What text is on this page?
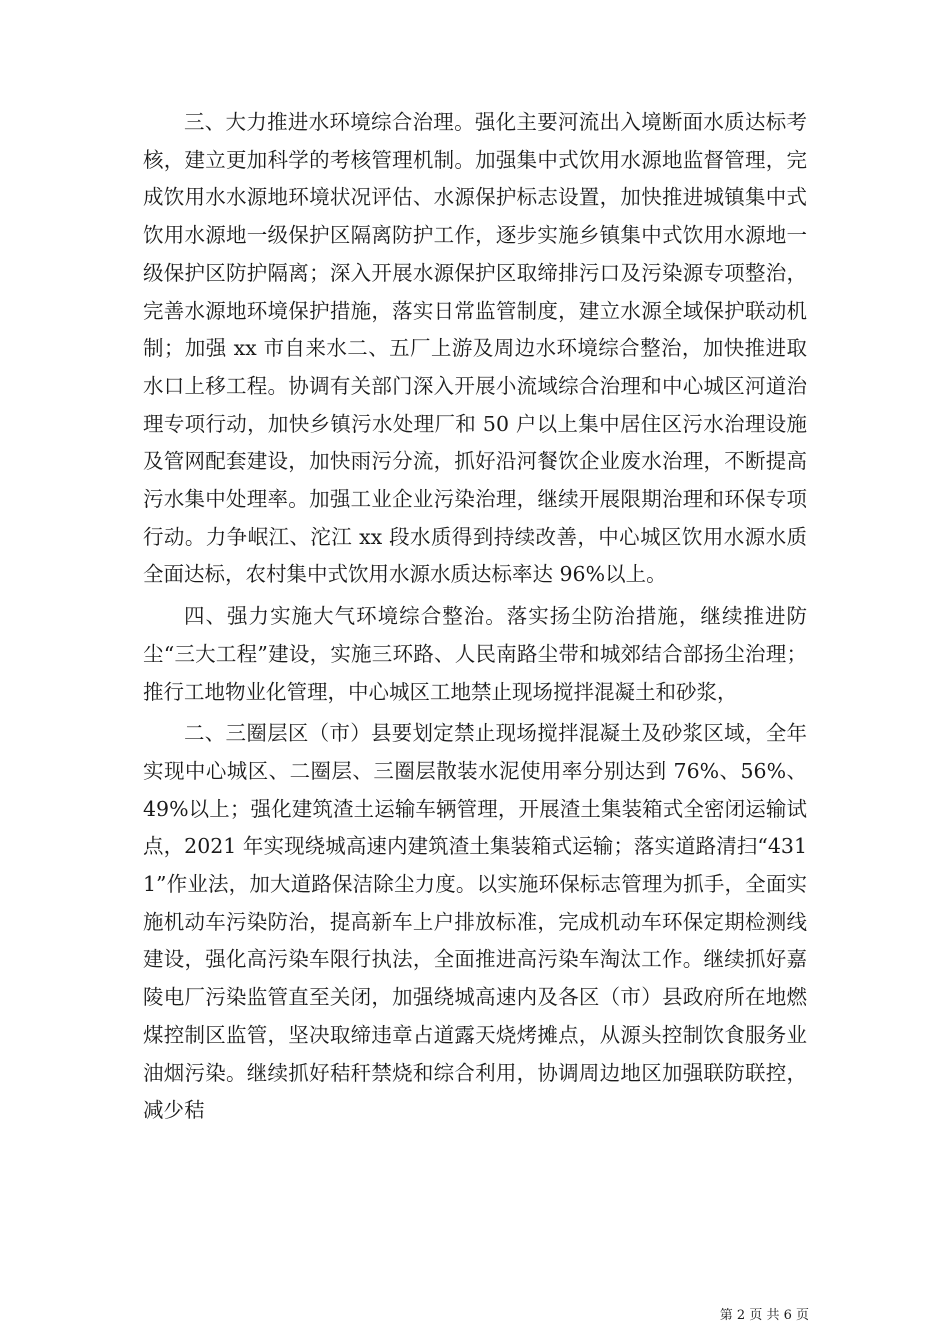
三、大力推进水环境综合治理。强化主要河流出入境断面水质达标考核，建立更加科学的考核管理机制。加强集中式饮用水源地监督管理，完成饮用水水源地环境状况评估、水源保护标志设置，加快推进城镇集中式饮用水源地一级保护区隔离防护工作，逐步实施乡镇集中式饮用水源地一级保护区防护隔离；深入开展水源保护区取缔排污口及污染源专项整治，完善水源地环境保护措施，落实日常监管制度，建立水源全域保护联动机制；加强 xx 市自来水二、五厂上游及周边水环境综合整治，加快推进取水口上移工程。协调有关部门深入开展小流域综合治理和中心城区河道治理专项行动，加快乡镇污水处理厂和 50 户以上集中居住区污水治理设施及管网配套建设，加快雨污分流，抓好沿河餐饮企业废水治理，不断提高污水集中处理率。加强工业企业污染治理，继续开展限期治理和环保专项行动。力争岷江、沱江 xx 段水质得到持续改善，中心城区饮用水源水质全面达标，农村集中式饮用水源水质达标率达 96%以上。

四、强力实施大气环境综合整治。落实扬尘防治措施，继续推进防尘“三大工程”建设，实施三环路、人民南路尘带和城郊结合部扬尘治理；推行工地物业化管理，中心城区工地禁止现场搅拌混凝土和砂浆，

二、三圈层区（市）县要划定禁止现场搅拌混凝土及砂浆区域，全年实现中心城区、二圈层、三圈层散装水泥使用率分别达到 76%、56%、49%以上；强化建筑渣土运输车辆管理，开展渣土集装箱式全密闭运输试点，2021 年实现绕城高速内建筑渣土集装箱式运输；落实道路清扫“4311”作业法，加大道路保洁除尘力度。以实施环保标志管理为抓手，全面实施机动车污染防治，提高新车上户排放标准，完成机动车环保定期检测线建设，强化高污染车限行执法，全面推进高污染车淘汰工作。继续抓好嘉陵电厂污染监管直至关闭，加强绕城高速内及各区（市）县政府所在地燃煤控制区监管，坚决取缔违章占道露天烧烤摊点，从源头控制饮食服务业油烟污染。继续抓好秸秆禁烧和综合利用，协调周边地区加强联防联控，减少秸

第 2 页 共 6 页
